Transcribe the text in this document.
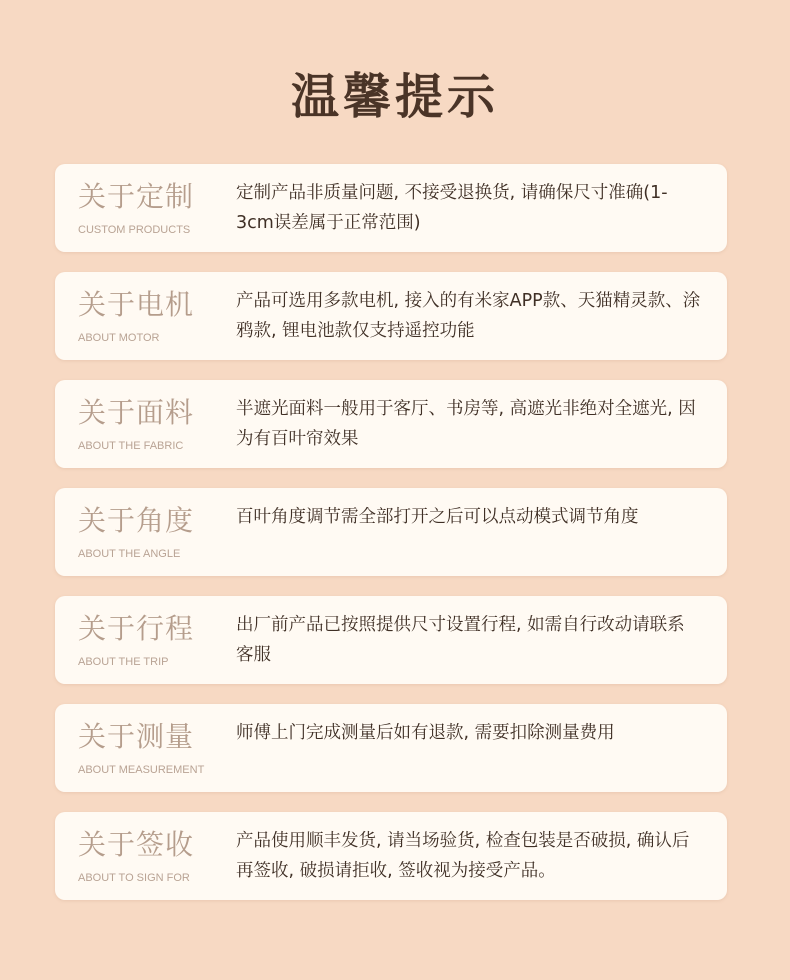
温馨提示
关于定制
CUSTOM PRODUCTS
定制产品非质量问题, 不接受退换货, 请确保尺寸准确(1-3cm误差属于正常范围)
关于电机
ABOUT MOTOR
产品可选用多款电机, 接入的有米家APP款、天猫精灵款、涂鸦款, 锂电池款仅支持遥控功能
关于面料
ABOUT THE FABRIC
半遮光面料一般用于客厅、书房等, 高遮光非绝对全遮光, 因为有百叶帘效果
关于角度
ABOUT THE ANGLE
百叶角度调节需全部打开之后可以点动模式调节角度
关于行程
ABOUT THE TRIP
出厂前产品已按照提供尺寸设置行程, 如需自行改动请联系客服
关于测量
ABOUT MEASUREMENT
师傅上门完成测量后如有退款, 需要扣除测量费用
关于签收
ABOUT TO SIGN FOR
产品使用顺丰发货, 请当场验货, 检查包装是否破损, 确认后再签收, 破损请拒收, 签收视为接受产品。
